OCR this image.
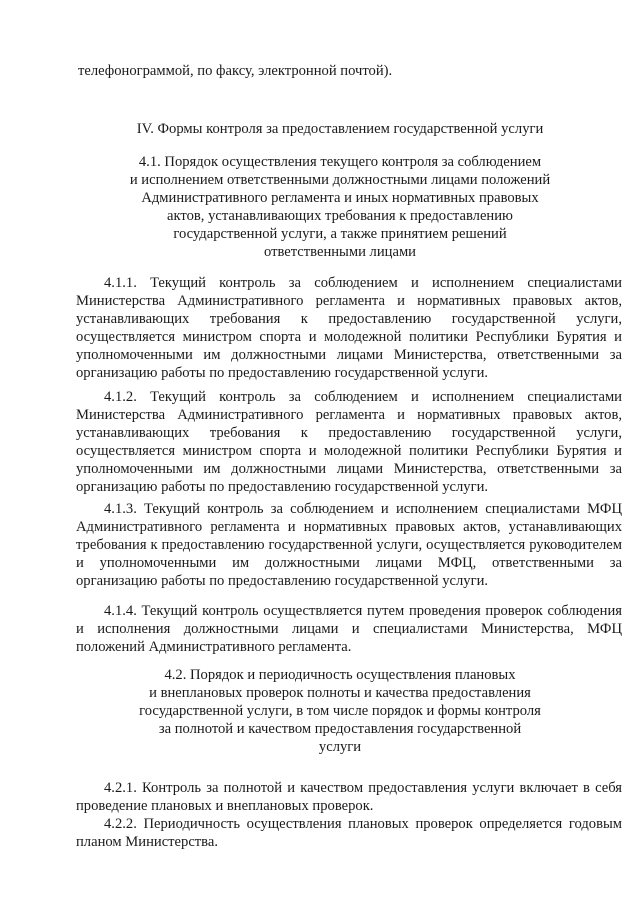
телефонограммой, по факсу, электронной почтой).

IV. Формы контроля за предоставлением государственной услуги

4.1. Порядок осуществления текущего контроля за соблюдением
и исполнением ответственными должностными лицами положений
Административного регламента и иных нормативных правовых
актов, устанавливающих требования к предоставлению
государственной услуги, а также принятием решений
ответственными лицами

4.1.1. Текущий контроль за соблюдением и исполнением специалистами Министерства Административного регламента и нормативных правовых актов, устанавливающих требования к предоставлению государственной услуги, осуществляется министром спорта и молодежной политики Республики Бурятия и уполномоченными им должностными лицами Министерства, ответственными за организацию работы по предоставлению государственной услуги.

4.1.2. Текущий контроль за соблюдением и исполнением специалистами Министерства Административного регламента и нормативных правовых актов, устанавливающих требования к предоставлению государственной услуги, осуществляется министром спорта и молодежной политики Республики Бурятия и уполномоченными им должностными лицами Министерства, ответственными за организацию работы по предоставлению государственной услуги.

4.1.3. Текущий контроль за соблюдением и исполнением специалистами МФЦ Административного регламента и нормативных правовых актов, устанавливающих требования к предоставлению государственной услуги, осуществляется руководителем и уполномоченными им должностными лицами МФЦ, ответственными за организацию работы по предоставлению государственной услуги.

4.1.4. Текущий контроль осуществляется путем проведения проверок соблюдения и исполнения должностными лицами и специалистами Министерства, МФЦ положений Административного регламента.

4.2. Порядок и периодичность осуществления плановых
и внеплановых проверок полноты и качества предоставления
государственной услуги, в том числе порядок и формы контроля
за полнотой и качеством предоставления государственной
услуги

4.2.1. Контроль за полнотой и качеством предоставления услуги включает в себя проведение плановых и внеплановых проверок.

4.2.2. Периодичность осуществления плановых проверок определяется годовым планом Министерства.
